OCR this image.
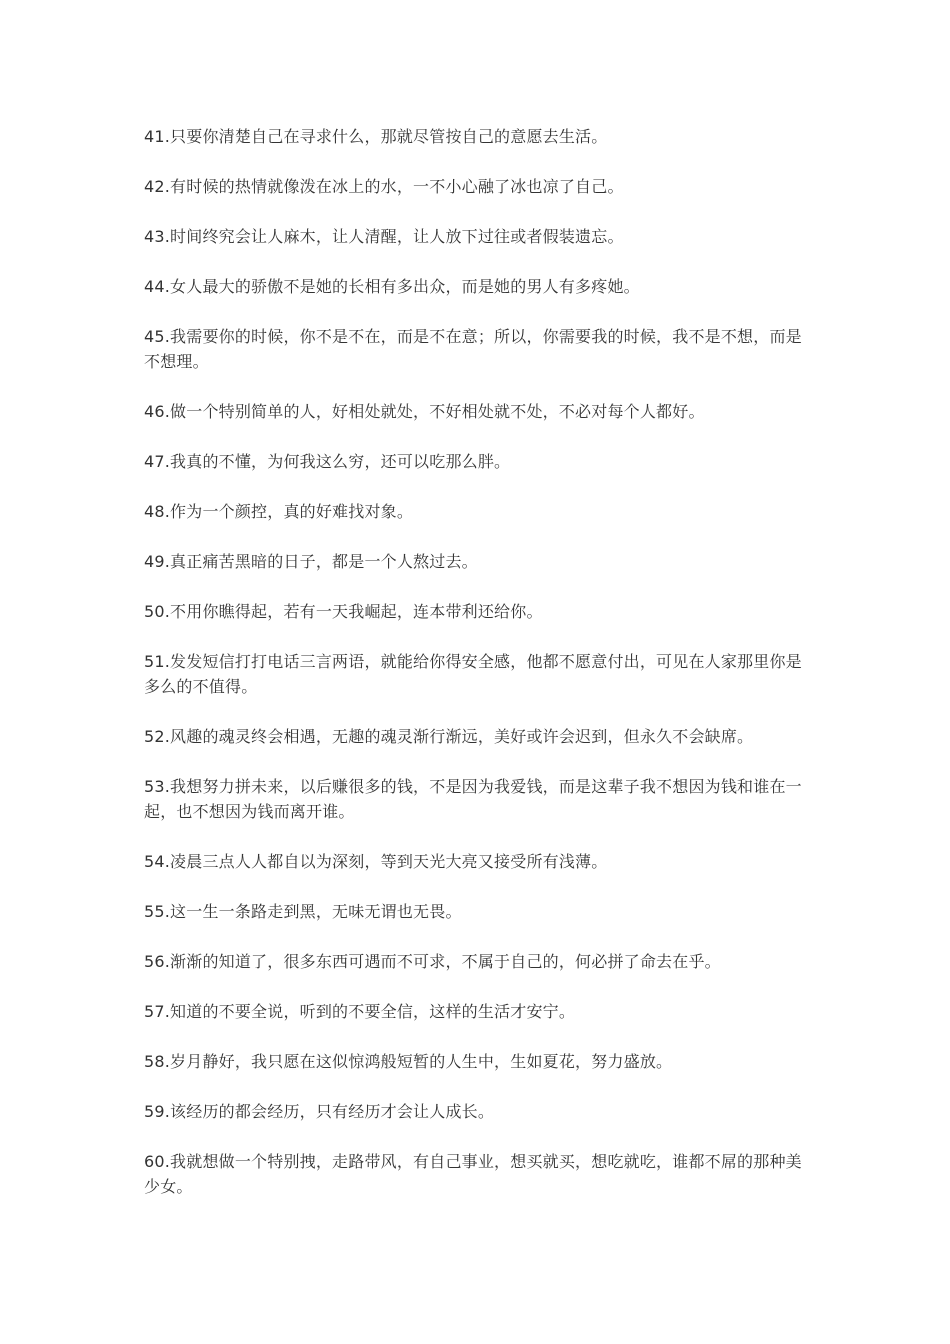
41.只要你清楚自己在寻求什么，那就尽管按自己的意愿去生活。

42.有时候的热情就像泼在冰上的水，一不小心融了冰也凉了自己。

43.时间终究会让人麻木，让人清醒，让人放下过往或者假装遗忘。

44.女人最大的骄傲不是她的长相有多出众，而是她的男人有多疼她。

45.我需要你的时候，你不是不在，而是不在意；所以，你需要我的时候，我不是不想，而是不想理。

46.做一个特别简单的人，好相处就处，不好相处就不处，不必对每个人都好。

47.我真的不懂，为何我这么穷，还可以吃那么胖。

48.作为一个颜控，真的好难找对象。

49.真正痛苦黑暗的日子，都是一个人熬过去。

50.不用你瞧得起，若有一天我崛起，连本带利还给你。

51.发发短信打打电话三言两语，就能给你得安全感，他都不愿意付出，可见在人家那里你是多么的不值得。

52.风趣的魂灵终会相遇，无趣的魂灵渐行渐远，美好或许会迟到，但永久不会缺席。

53.我想努力拼未来，以后赚很多的钱，不是因为我爱钱，而是这辈子我不想因为钱和谁在一起，也不想因为钱而离开谁。

54.凌晨三点人人都自以为深刻，等到天光大亮又接受所有浅薄。

55.这一生一条路走到黑，无味无谓也无畏。

56.渐渐的知道了，很多东西可遇而不可求，不属于自己的，何必拼了命去在乎。

57.知道的不要全说，听到的不要全信，这样的生活才安宁。

58.岁月静好，我只愿在这似惊鸿般短暂的人生中，生如夏花，努力盛放。

59.该经历的都会经历，只有经历才会让人成长。

60.我就想做一个特别拽，走路带风，有自己事业，想买就买，想吃就吃，谁都不屌的那种美少女。
